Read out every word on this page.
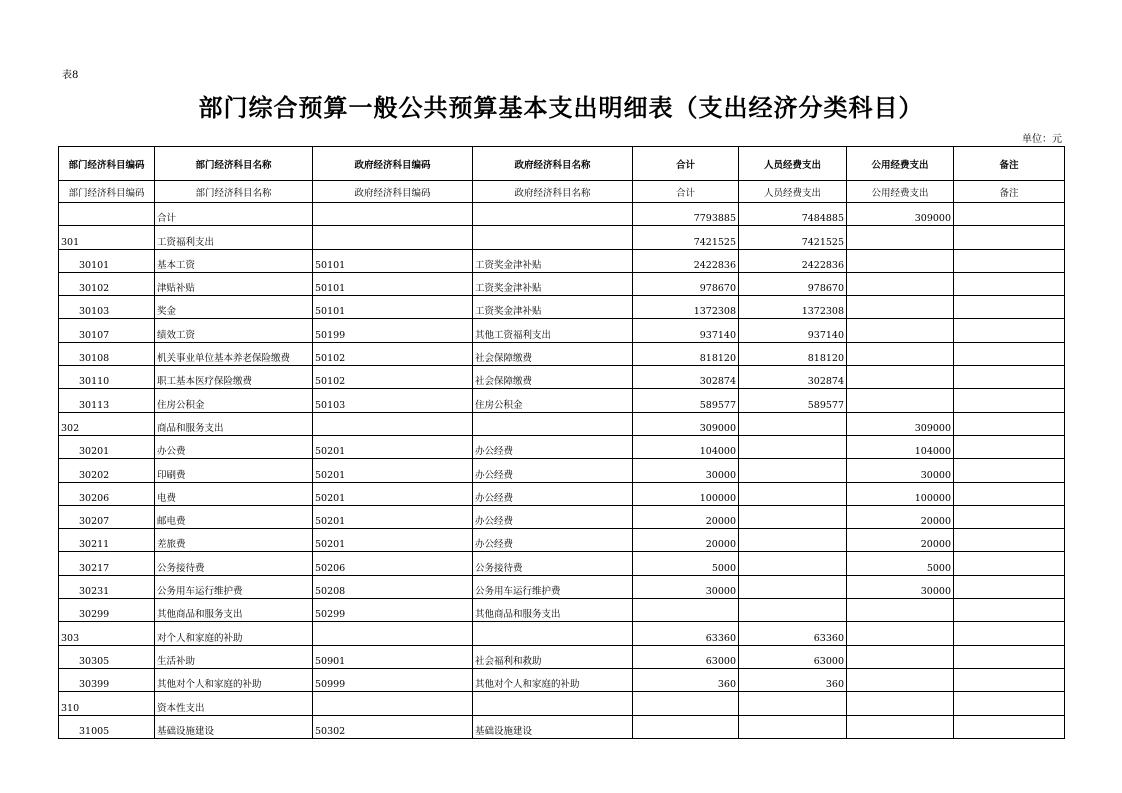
表8
部门综合预算一般公共预算基本支出明细表（支出经济分类科目）
单位：元
部门经济科目编码	部门经济科目名称	政府经济科目编码	政府经济科目名称	合计	人员经费支出	公用经费支出	备注
部门经济科目编码	部门经济科目名称	政府经济科目编码	政府经济科目名称	合计	人员经费支出	公用经费支出	备注
	合计			7793885	7484885	309000	
301	工资福利支出			7421525	7421525		
30101	基本工资	50101	工资奖金津补贴	2422836	2422836		
30102	津贴补贴	50101	工资奖金津补贴	978670	978670		
30103	奖金	50101	工资奖金津补贴	1372308	1372308		
30107	绩效工资	50199	其他工资福利支出	937140	937140		
30108	机关事业单位基本养老保险缴费	50102	社会保障缴费	818120	818120		
30110	职工基本医疗保险缴费	50102	社会保障缴费	302874	302874		
30113	住房公积金	50103	住房公积金	589577	589577		
302	商品和服务支出			309000		309000	
30201	办公费	50201	办公经费	104000		104000	
30202	印刷费	50201	办公经费	30000		30000	
30206	电费	50201	办公经费	100000		100000	
30207	邮电费	50201	办公经费	20000		20000	
30211	差旅费	50201	办公经费	20000		20000	
30217	公务接待费	50206	公务接待费	5000		5000	
30231	公务用车运行维护费	50208	公务用车运行维护费	30000		30000	
30299	其他商品和服务支出	50299	其他商品和服务支出				
303	对个人和家庭的补助			63360	63360		
30305	生活补助	50901	社会福利和救助	63000	63000		
30399	其他对个人和家庭的补助	50999	其他对个人和家庭的补助	360	360		
310	资本性支出						
31005	基础设施建设	50302	基础设施建设				
